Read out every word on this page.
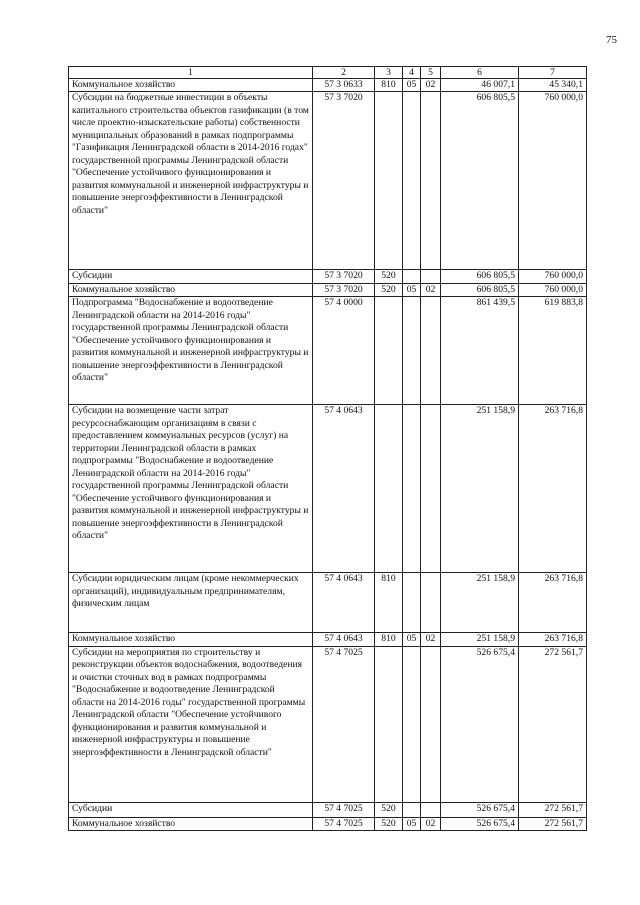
75
1	2	3	4	5	6	7
Коммунальное хозяйство	57 3 0633	810	05	02	46 007,1	45 340,1
Субсидии на бюджетные инвестиции в объекты капитального строительства объектов газификации (в том числе проектно-изыскательские работы) собственности муниципальных образований в рамках подпрограммы "Газификация Ленинградской области в 2014-2016 годах" государственной программы Ленинградской области "Обеспечение устойчивого функционирования и развития коммунальной и инженерной инфраструктуры и повышение энергоэффективности в Ленинградской области"	57 3 7020				606 805,5	760 000,0
Субсидии	57 3 7020	520			606 805,5	760 000,0
Коммунальное хозяйство	57 3 7020	520	05	02	606 805,5	760 000,0
Подпрограмма "Водоснабжение и водоотведение Ленинградской области на 2014-2016 годы" государственной программы Ленинградской области "Обеспечение устойчивого функционирования и развития коммунальной и инженерной инфраструктуры и повышение энергоэффективности в Ленинградской области"	57 4 0000				861 439,5	619 883,8
Субсидии на возмещение части затрат ресурсоснабжающим организациям в связи с предоставлением коммунальных ресурсов (услуг) на территории Ленинградской области в рамках подпрограммы "Водоснабжение и водоотведение Ленинградской области на 2014-2016 годы" государственной программы Ленинградской области "Обеспечение устойчивого функционирования и развития коммунальной и инженерной инфраструктуры и повышение энергоэффективности в Ленинградской области"	57 4 0643				251 158,9	263 716,8
Субсидии юридическим лицам (кроме некоммерческих организаций), индивидуальным предпринимателям, физическим лицам	57 4 0643	810			251 158,9	263 716,8
Коммунальное хозяйство	57 4 0643	810	05	02	251 158,9	263 716,8
Субсидии на мероприятия по строительству и реконструкции объектов водоснабжения, водоотведения и очистки сточных вод в рамках подпрограммы "Водоснабжение и водоотведение Ленинградской области на 2014-2016 годы" государственной программы Ленинградской области "Обеспечение устойчивого функционирования и развития коммунальной и инженерной инфраструктуры и повышение энергоэффективности в Ленинградской области"	57 4 7025				526 675,4	272 561,7
Субсидии	57 4 7025	520			526 675,4	272 561,7
Коммунальное хозяйство	57 4 7025	520	05	02	526 675,4	272 561,7
